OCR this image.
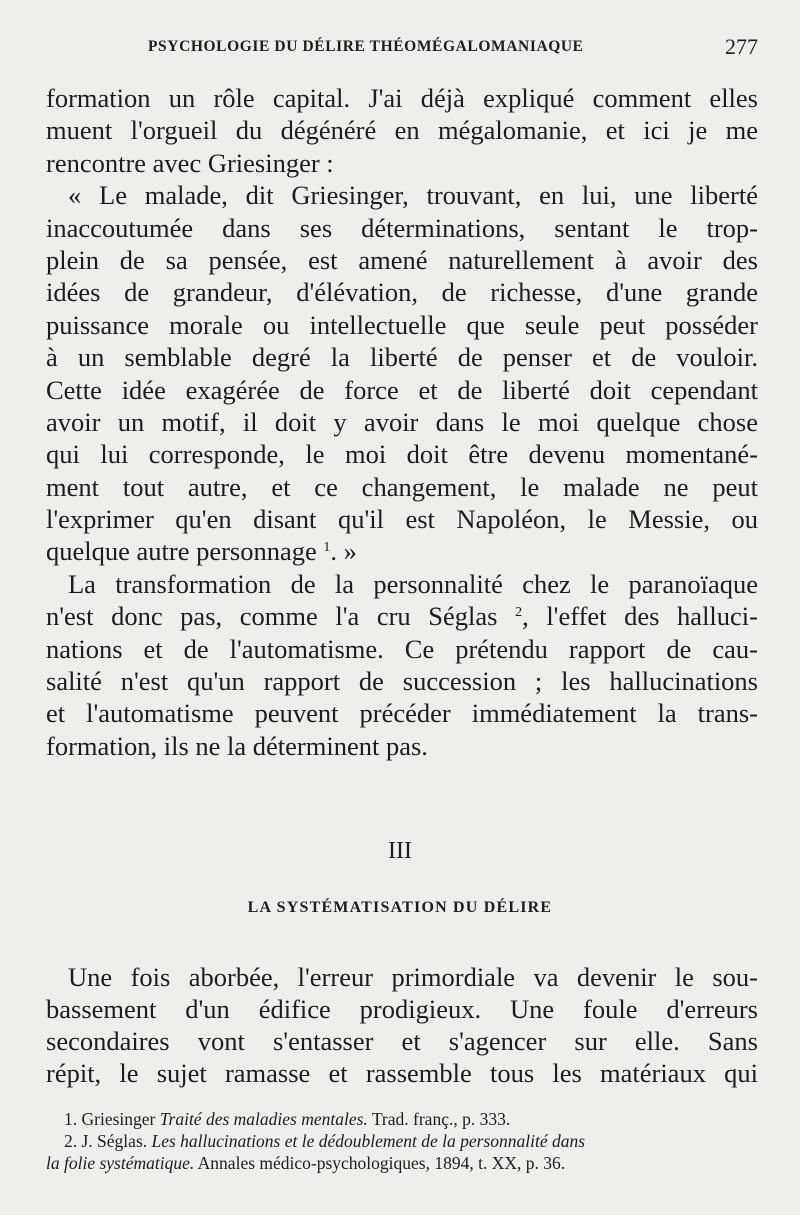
PSYCHOLOGIE DU DÉLIRE THÉOMÉGALOMANIAQUE	277
formation un rôle capital. J'ai déjà expliqué comment elles
muent l'orgueil du dégénéré en mégalomanie, et ici je me
rencontre avec Griesinger :
« Le malade, dit Griesinger, trouvant, en lui, une liberté
inaccoutumée dans ses déterminations, sentant le trop-
plein de sa pensée, est amené naturellement à avoir des
idées de grandeur, d'élévation, de richesse, d'une grande
puissance morale ou intellectuelle que seule peut posséder
à un semblable degré la liberté de penser et de vouloir.
Cette idée exagérée de force et de liberté doit cependant
avoir un motif, il doit y avoir dans le moi quelque chose
qui lui corresponde, le moi doit être devenu momentané-
ment tout autre, et ce changement, le malade ne peut
l'exprimer qu'en disant qu'il est Napoléon, le Messie, ou
quelque autre personnage $^1$. »
La transformation de la personnalité chez le paranoïaque
n'est donc pas, comme l'a cru Séglas $^2$, l'effet des halluci-
nations et de l'automatisme. Ce prétendu rapport de cau-
salité n'est qu'un rapport de succession ; les hallucinations
et l'automatisme peuvent précéder immédiatement la trans-
formation, ils ne la déterminent pas.
III
LA SYSTÉMATISATION DU DÉLIRE
Une fois aborbée, l'erreur primordiale va devenir le sou-
bassement d'un édifice prodigieux. Une foule d'erreurs
secondaires vont s'entasser et s'agencer sur elle. Sans
répit, le sujet ramasse et rassemble tous les matériaux qui
1. Griesinger Traité des maladies mentales. Trad. franç., p. 333.
2. J. Séglas. Les hallucinations et le dédoublement de la personnalité dans
la folie systématique. Annales médico-psychologiques, 1894, t. XX, p. 36.
